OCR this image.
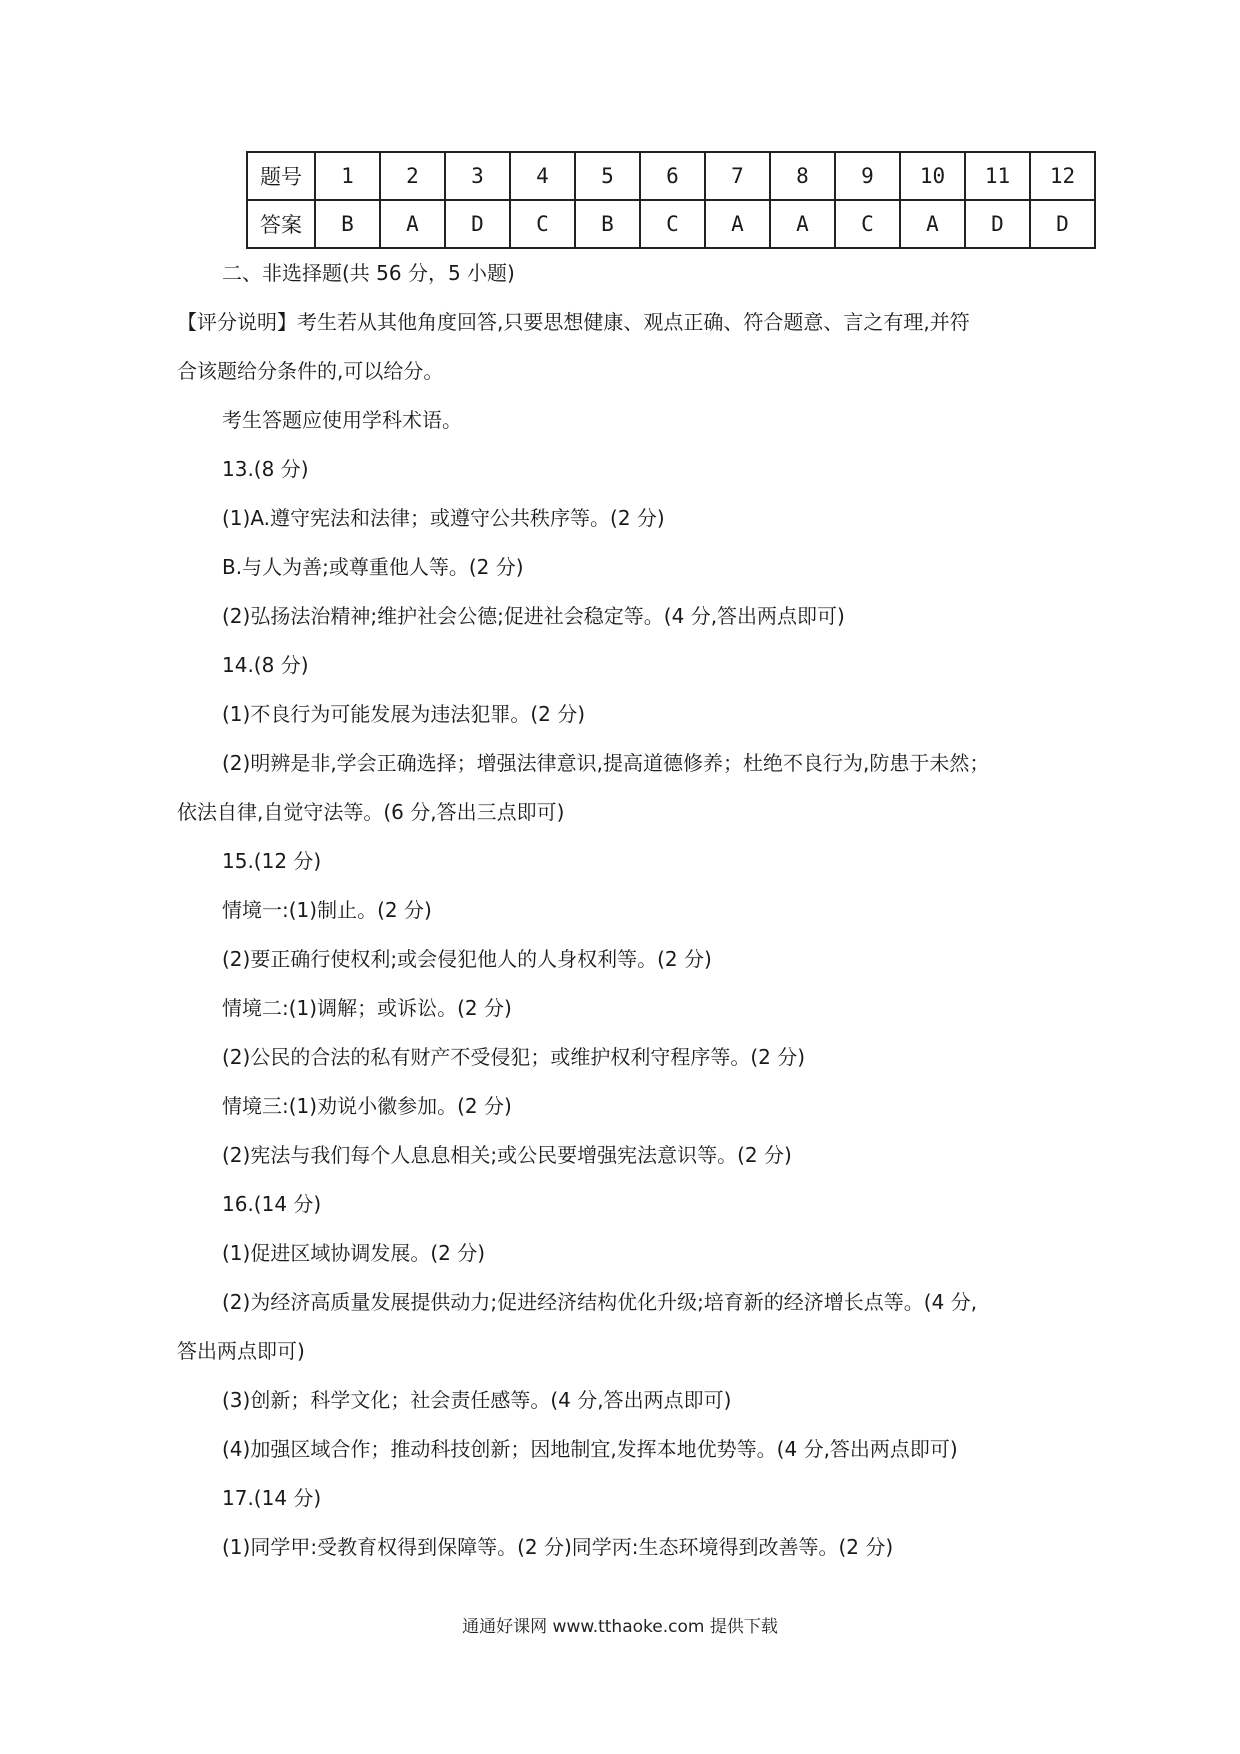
题号	1	2	3	4	5	6	7	8	9	10	11	12
答案	B	A	D	C	B	C	A	A	C	A	D	D
二、非选择题(共 56 分，5 小题)
【评分说明】考生若从其他角度回答,只要思想健康、观点正确、符合题意、言之有理,并符
合该题给分条件的,可以给分。
考生答题应使用学科术语。
13.(8 分)
(1)A.遵守宪法和法律；或遵守公共秩序等。(2 分)
B.与人为善;或尊重他人等。(2 分)
(2)弘扬法治精神;维护社会公德;促进社会稳定等。(4 分,答出两点即可)
14.(8 分)
(1)不良行为可能发展为违法犯罪。(2 分)
(2)明辨是非,学会正确选择；增强法律意识,提高道德修养；杜绝不良行为,防患于未然；
依法自律,自觉守法等。(6 分,答出三点即可)
15.(12 分)
情境一:(1)制止。(2 分)
(2)要正确行使权利;或会侵犯他人的人身权利等。(2 分)
情境二:(1)调解；或诉讼。(2 分)
(2)公民的合法的私有财产不受侵犯；或维护权利守程序等。(2 分)
情境三:(1)劝说小徽参加。(2 分)
(2)宪法与我们每个人息息相关;或公民要增强宪法意识等。(2 分)
16.(14 分)
(1)促进区域协调发展。(2 分)
(2)为经济高质量发展提供动力;促进经济结构优化升级;培育新的经济增长点等。(4 分,
答出两点即可)
(3)创新；科学文化；社会责任感等。(4 分,答出两点即可)
(4)加强区域合作；推动科技创新；因地制宜,发挥本地优势等。(4 分,答出两点即可)
17.(14 分)
(1)同学甲:受教育权得到保障等。(2 分)同学丙:生态环境得到改善等。(2 分)
通通好课网 www.tthaoke.com 提供下载
